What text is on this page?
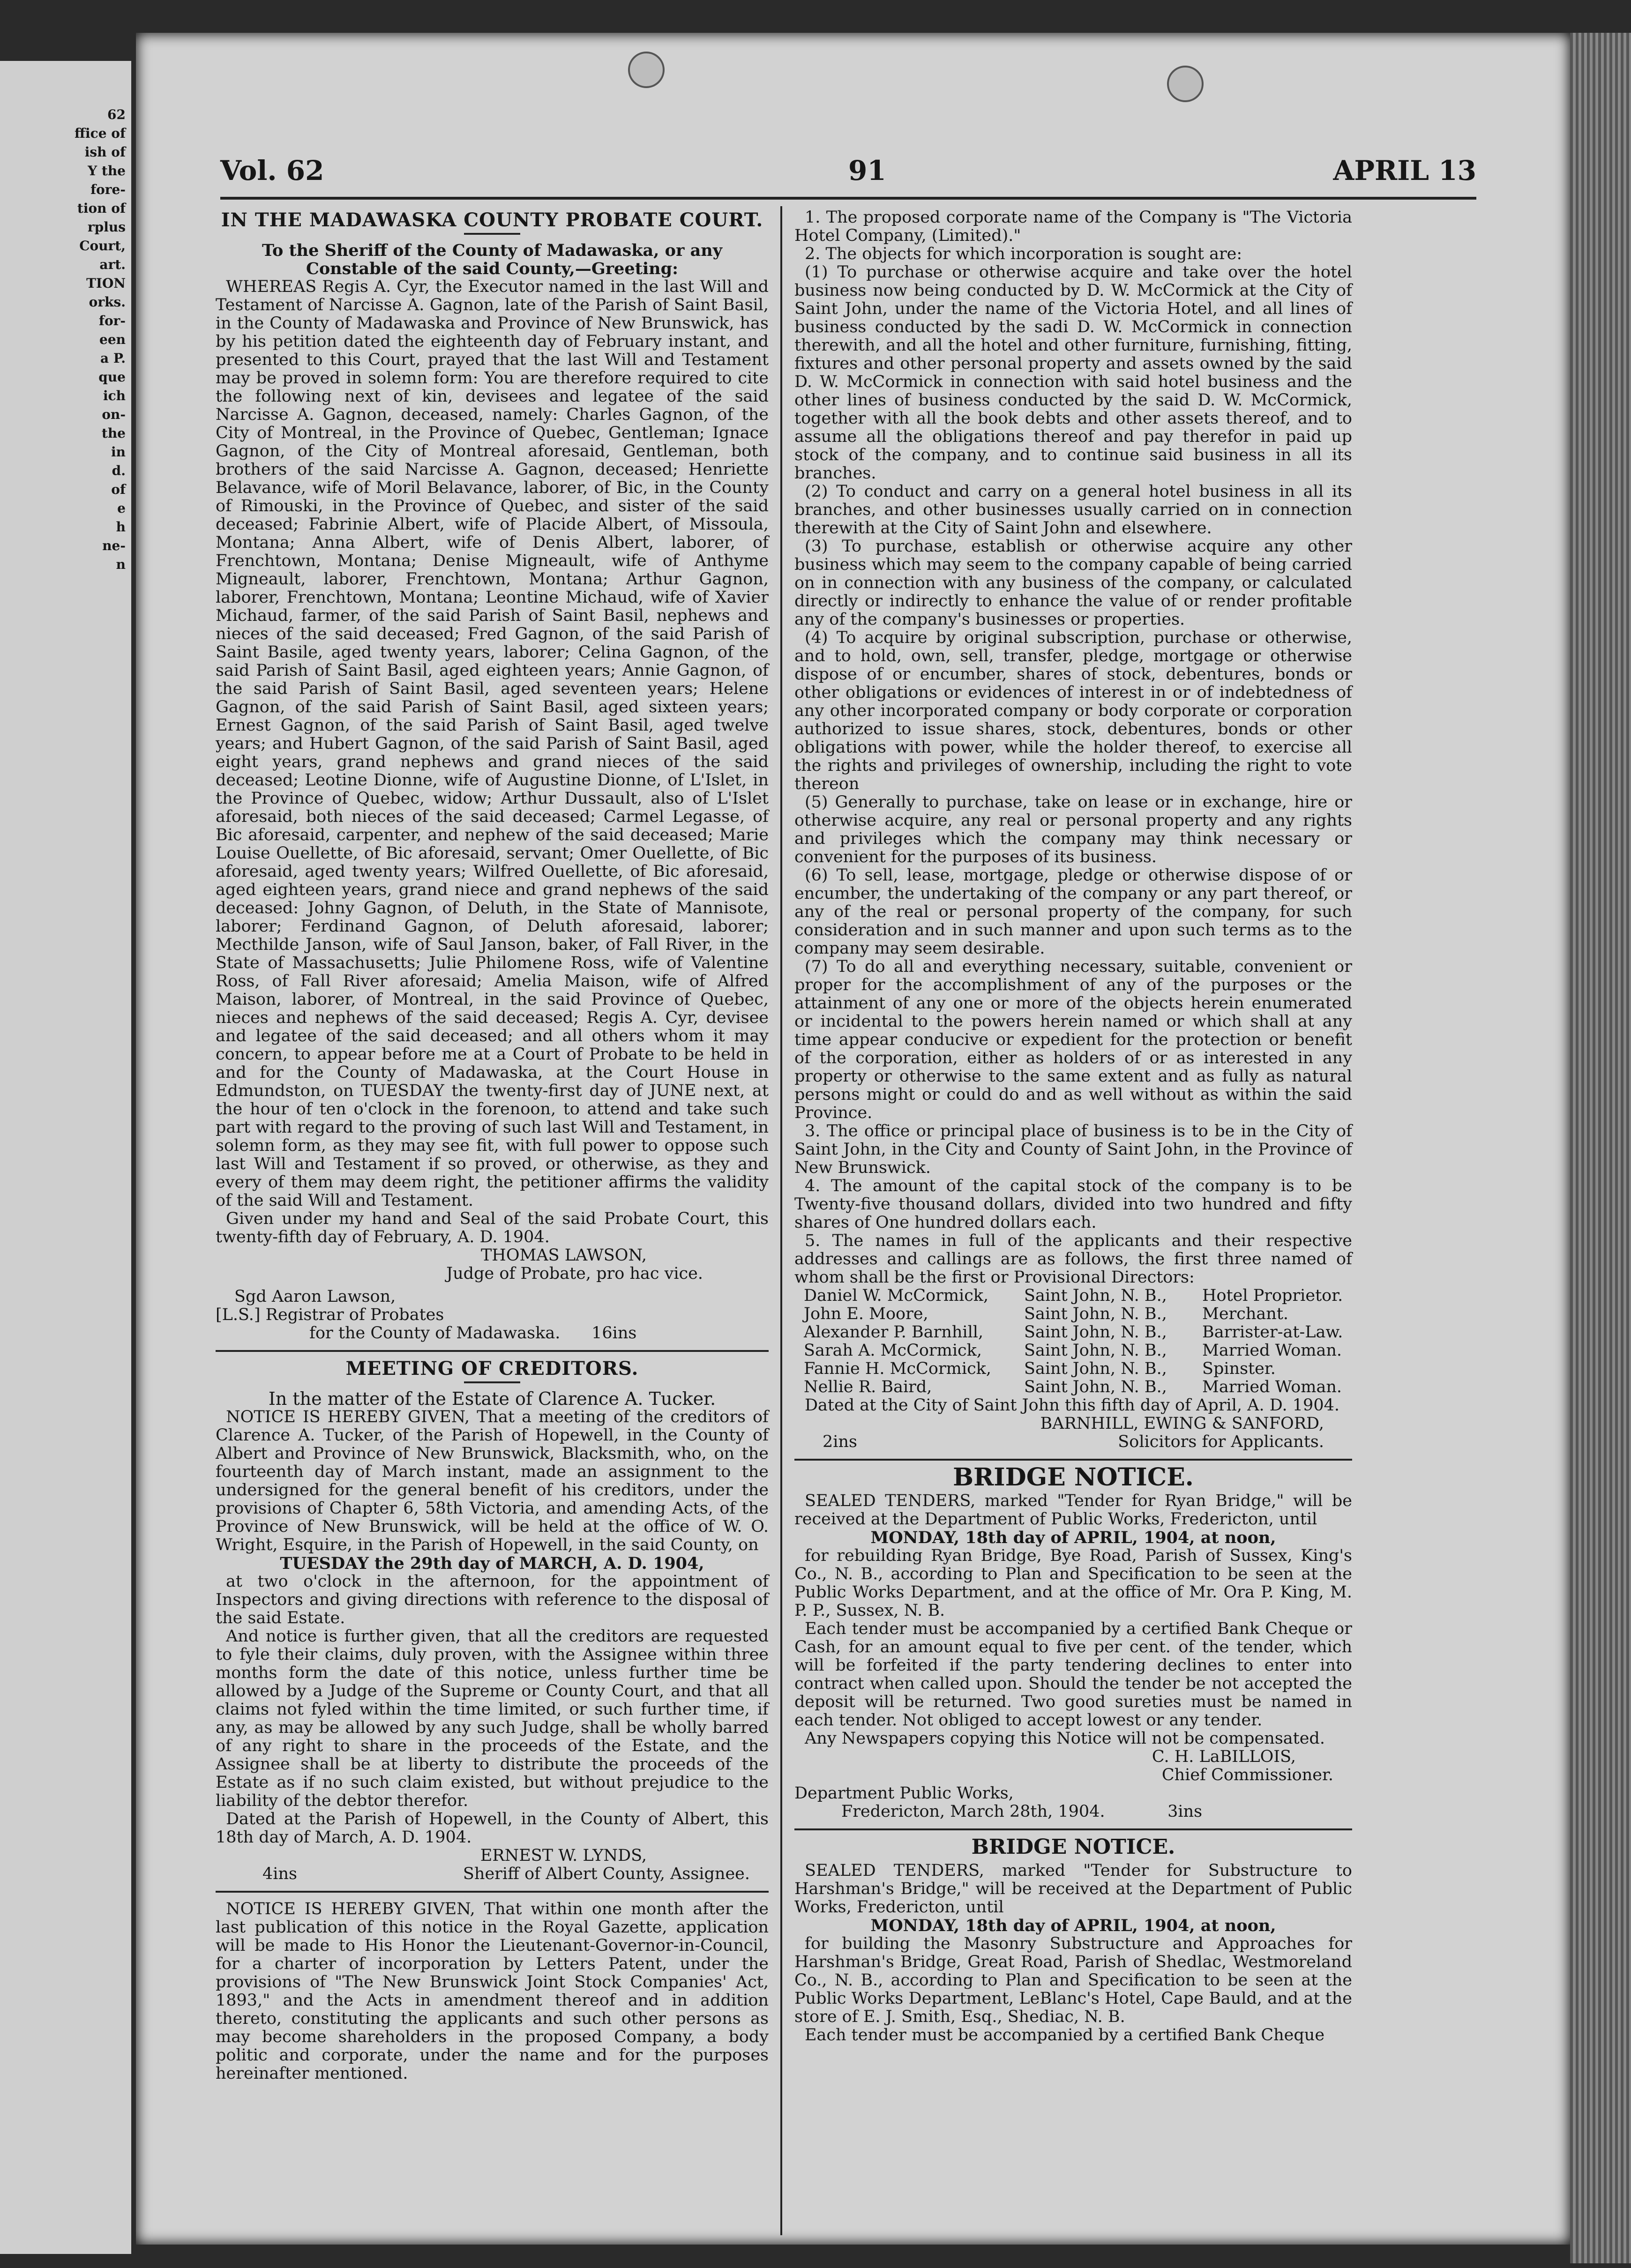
62
ffice of
ish of
Y the
fore-
tion of
rplus
Court,
art.
TION
orks.
for-
een
a P.
que
ich
on-
the
in
d.
of
e
h
ne-
n
Vol. 62	91	APRIL 13
IN THE MADAWASKA COUNTY PROBATE COURT.

To the Sheriff of the County of Madawaska, or any Constable of the said County,—Greeting:

WHEREAS Regis A. Cyr, the Executor named in the last Will and Testament of Narcisse A. Gagnon, late of the Parish of Saint Basil, in the County of Madawaska and Province of New Brunswick, has by his petition dated the eighteenth day of February instant, and presented to this Court, prayed that the last Will and Testament may be proved in solemn form: You are therefore required to cite the following next of kin, devisees and legatee of the said Narcisse A. Gagnon, deceased, namely: Charles Gagnon, of the City of Montreal, in the Province of Quebec, Gentleman; Ignace Gagnon, of the City of Montreal aforesaid, Gentleman, both brothers of the said Narcisse A. Gagnon, deceased; Henriette Belavance, wife of Moril Belavance, laborer, of Bic, in the County of Rimouski, in the Province of Quebec, and sister of the said deceased; Fabrinie Albert, wife of Placide Albert, of Missoula, Montana; Anna Albert, wife of Denis Albert, laborer, of Frenchtown, Montana; Denise Migneault, wife of Anthyme Migneault, laborer, Frenchtown, Montana; Arthur Gagnon, laborer, Frenchtown, Montana; Leontine Michaud, wife of Xavier Michaud, farmer, of the said Parish of Saint Basil, nephews and nieces of the said deceased; Fred Gagnon, of the said Parish of Saint Basile, aged twenty years, laborer; Celina Gagnon, of the said Parish of Saint Basil, aged eighteen years; Annie Gagnon, of the said Parish of Saint Basil, aged seventeen years; Helene Gagnon, of the said Parish of Saint Basil, aged sixteen years; Ernest Gagnon, of the said Parish of Saint Basil, aged twelve years; and Hubert Gagnon, of the said Parish of Saint Basil, aged eight years, grand nephews and grand nieces of the said deceased; Leotine Dionne, wife of Augustine Dionne, of L'Islet, in the Province of Quebec, widow; Arthur Dussault, also of L'Islet aforesaid, both nieces of the said deceased; Carmel Legasse, of Bic aforesaid, carpenter, and nephew of the said deceased; Marie Louise Ouellette, of Bic aforesaid, servant; Omer Ouellette, of Bic aforesaid, aged twenty years; Wilfred Ouellette, of Bic aforesaid, aged eighteen years, grand niece and grand nephews of the said deceased: Johny Gagnon, of Deluth, in the State of Mannisote, laborer; Ferdinand Gagnon, of Deluth aforesaid, laborer; Mecthilde Janson, wife of Saul Janson, baker, of Fall River, in the State of Massachusetts; Julie Philomene Ross, wife of Valentine Ross, of Fall River aforesaid; Amelia Maison, wife of Alfred Maison, laborer, of Montreal, in the said Province of Quebec, nieces and nephews of the said deceased; Regis A. Cyr, devisee and legatee of the said deceased; and all others whom it may concern, to appear before me at a Court of Probate to be held in and for the County of Madawaska, at the Court House in Edmundston, on TUESDAY the twenty-first day of JUNE next, at the hour of ten o'clock in the forenoon, to attend and take such part with regard to the proving of such last Will and Testament, in solemn form, as they may see fit, with full power to oppose such last Will and Testament if so proved, or otherwise, as they and every of them may deem right, the petitioner affirms the validity of the said Will and Testament.

Given under my hand and Seal of the said Probate Court, this twenty-fifth day of February, A. D. 1904.

THOMAS LAWSON,

Judge of Probate, pro hac vice.

Sgd Aaron Lawson,

[L.S.] Registrar of Probates

for the County of Madawaska. 16ins

MEETING OF CREDITORS.

In the matter of the Estate of Clarence A. Tucker.

NOTICE IS HEREBY GIVEN, That a meeting of the creditors of Clarence A. Tucker, of the Parish of Hopewell, in the County of Albert and Province of New Brunswick, Blacksmith, who, on the fourteenth day of March instant, made an assignment to the undersigned for the general benefit of his creditors, under the provisions of Chapter 6, 58th Victoria, and amending Acts, of the Province of New Brunswick, will be held at the office of W. O. Wright, Esquire, in the Parish of Hopewell, in the said County, on

TUESDAY the 29th day of MARCH, A. D. 1904,

at two o'clock in the afternoon, for the appointment of Inspectors and giving directions with reference to the disposal of the said Estate.

And notice is further given, that all the creditors are requested to fyle their claims, duly proven, with the Assignee within three months form the date of this notice, unless further time be allowed by a Judge of the Supreme or County Court, and that all claims not fyled within the time limited, or such further time, if any, as may be allowed by any such Judge, shall be wholly barred of any right to share in the proceeds of the Estate, and the Assignee shall be at liberty to distribute the proceeds of the Estate as if no such claim existed, but without prejudice to the liability of the debtor therefor.

Dated at the Parish of Hopewell, in the County of Albert, this 18th day of March, A. D. 1904.

ERNEST W. LYNDS,

4ins	Sheriff of Albert County, Assignee.

NOTICE IS HEREBY GIVEN, That within one month after the last publication of this notice in the Royal Gazette, application will be made to His Honor the Lieutenant-Governor-in-Council, for a charter of incorporation by Letters Patent, under the provisions of "The New Brunswick Joint Stock Companies' Act, 1893," and the Acts in amendment thereof and in addition thereto, constituting the applicants and such other persons as may become shareholders in the proposed Company, a body politic and corporate, under the name and for the purposes hereinafter mentioned.

1. The proposed corporate name of the Company is "The Victoria Hotel Company, (Limited)."

2. The objects for which incorporation is sought are:

(1) To purchase or otherwise acquire and take over the hotel business now being conducted by D. W. McCormick at the City of Saint John, under the name of the Victoria Hotel, and all lines of business conducted by the sadi D. W. McCormick in connection therewith, and all the hotel and other furniture, furnishing, fitting, fixtures and other personal property and assets owned by the said D. W. McCormick in connection with said hotel business and the other lines of business conducted by the said D. W. McCormick, together with all the book debts and other assets thereof, and to assume all the obligations thereof and pay therefor in paid up stock of the company, and to continue said business in all its branches.

(2) To conduct and carry on a general hotel business in all its branches, and other businesses usually carried on in connection therewith at the City of Saint John and elsewhere.

(3) To purchase, establish or otherwise acquire any other business which may seem to the company capable of being carried on in connection with any business of the company, or calculated directly or indirectly to enhance the value of or render profitable any of the company's businesses or properties.

(4) To acquire by original subscription, purchase or otherwise, and to hold, own, sell, transfer, pledge, mortgage or otherwise dispose of or encumber, shares of stock, debentures, bonds or other obligations or evidences of interest in or of indebtedness of any other incorporated company or body corporate or corporation authorized to issue shares, stock, debentures, bonds or other obligations with power, while the holder thereof, to exercise all the rights and privileges of ownership, including the right to vote thereon

(5) Generally to purchase, take on lease or in exchange, hire or otherwise acquire, any real or personal property and any rights and privileges which the company may think necessary or convenient for the purposes of its business.

(6) To sell, lease, mortgage, pledge or otherwise dispose of or encumber, the undertaking of the company or any part thereof, or any of the real or personal property of the company, for such consideration and in such manner and upon such terms as to the company may seem desirable.

(7) To do all and everything necessary, suitable, convenient or proper for the accomplishment of any of the purposes or the attainment of any one or more of the objects herein enumerated or incidental to the powers herein named or which shall at any time appear conducive or expedient for the protection or benefit of the corporation, either as holders of or as interested in any property or otherwise to the same extent and as fully as natural persons might or could do and as well without as within the said Province.

3. The office or principal place of business is to be in the City of Saint John, in the City and County of Saint John, in the Province of New Brunswick.

4. The amount of the capital stock of the company is to be Twenty-five thousand dollars, divided into two hundred and fifty shares of One hundred dollars each.

5. The names in full of the applicants and their respective addresses and callings are as follows, the first three named of whom shall be the first or Provisional Directors:

Daniel W. McCormick,	Saint John, N. B.,	Hotel Proprietor.
John E. Moore,	Saint John, N. B.,	Merchant.
Alexander P. Barnhill,	Saint John, N. B.,	Barrister-at-Law.
Sarah A. McCormick,	Saint John, N. B.,	Married Woman.
Fannie H. McCormick,	Saint John, N. B.,	Spinster.
Nellie R. Baird,	Saint John, N. B.,	Married Woman.

Dated at the City of Saint John this fifth day of April, A. D. 1904.

BARNHILL, EWING & SANFORD,

2ins	Solicitors for Applicants.

BRIDGE NOTICE.

SEALED TENDERS, marked "Tender for Ryan Bridge," will be received at the Department of Public Works, Fredericton, until

MONDAY, 18th day of APRIL, 1904, at noon,

for rebuilding Ryan Bridge, Bye Road, Parish of Sussex, King's Co., N. B., according to Plan and Specification to be seen at the Public Works Department, and at the office of Mr. Ora P. King, M. P. P., Sussex, N. B.

Each tender must be accompanied by a certified Bank Cheque or Cash, for an amount equal to five per cent. of the tender, which will be forfeited if the party tendering declines to enter into contract when called upon. Should the tender be not accepted the deposit will be returned. Two good sureties must be named in each tender. Not obliged to accept lowest or any tender.

Any Newspapers copying this Notice will not be compensated.

C. H. LaBILLOIS,

Chief Commissioner.

Department Public Works,

Fredericton, March 28th, 1904.	3ins

BRIDGE NOTICE.

SEALED TENDERS, marked "Tender for Substructure to Harshman's Bridge," will be received at the Department of Public Works, Fredericton, until

MONDAY, 18th day of APRIL, 1904, at noon,

for building the Masonry Substructure and Approaches for Harshman's Bridge, Great Road, Parish of Shedlac, Westmoreland Co., N. B., according to Plan and Specification to be seen at the Public Works Department, LeBlanc's Hotel, Cape Bauld, and at the store of E. J. Smith, Esq., Shediac, N. B.

Each tender must be accompanied by a certified Bank Cheque
